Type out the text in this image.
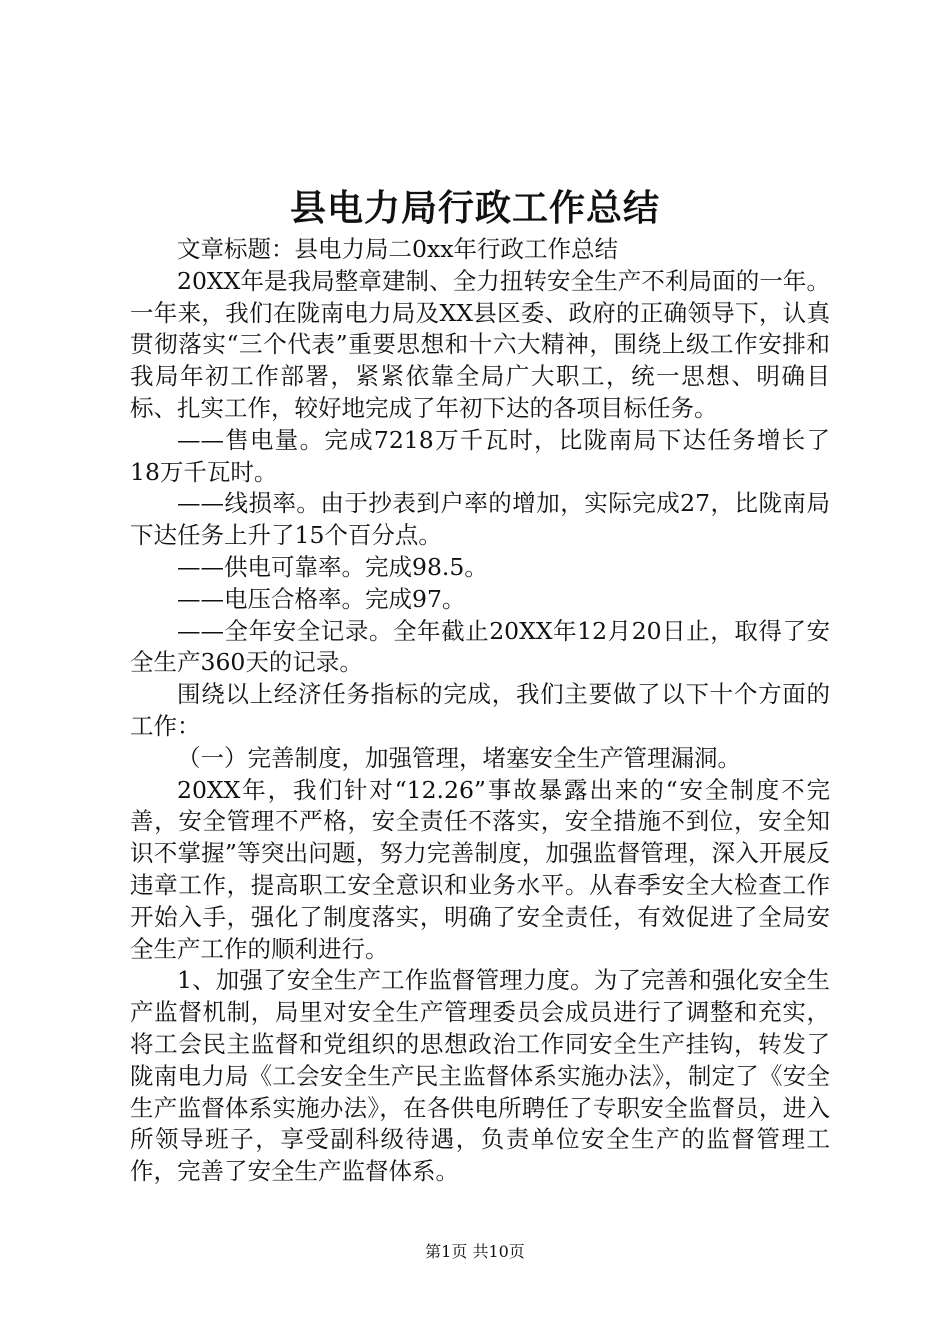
县电力局行政工作总结

文章标题：县电力局二0xx年行政工作总结

20XX年是我局整章建制、全力扭转安全生产不利局面的一年。一年来，我们在陇南电力局及XX县区委、政府的正确领导下，认真贯彻落实“三个代表”重要思想和十六大精神，围绕上级工作安排和我局年初工作部署，紧紧依靠全局广大职工，统一思想、明确目标、扎实工作，较好地完成了年初下达的各项目标任务。

——售电量。完成7218万千瓦时，比陇南局下达任务增长了18万千瓦时。

——线损率。由于抄表到户率的增加，实际完成27，比陇南局下达任务上升了15个百分点。

——供电可靠率。完成98.5。

——电压合格率。完成97。

——全年安全记录。全年截止20XX年12月20日止，取得了安全生产360天的记录。

围绕以上经济任务指标的完成，我们主要做了以下十个方面的工作：

（一）完善制度，加强管理，堵塞安全生产管理漏洞。

20XX年，我们针对“12.26”事故暴露出来的“安全制度不完善，安全管理不严格，安全责任不落实，安全措施不到位，安全知识不掌握”等突出问题，努力完善制度，加强监督管理，深入开展反违章工作，提高职工安全意识和业务水平。从春季安全大检查工作开始入手，强化了制度落实，明确了安全责任，有效促进了全局安全生产工作的顺利进行。

1、加强了安全生产工作监督管理力度。为了完善和强化安全生产监督机制，局里对安全生产管理委员会成员进行了调整和充实，将工会民主监督和党组织的思想政治工作同安全生产挂钩，转发了陇南电力局《工会安全生产民主监督体系实施办法》，制定了《安全生产监督体系实施办法》，在各供电所聘任了专职安全监督员，进入所领导班子，享受副科级待遇，负责单位安全生产的监督管理工作，完善了安全生产监督体系。

第1页 共10页
